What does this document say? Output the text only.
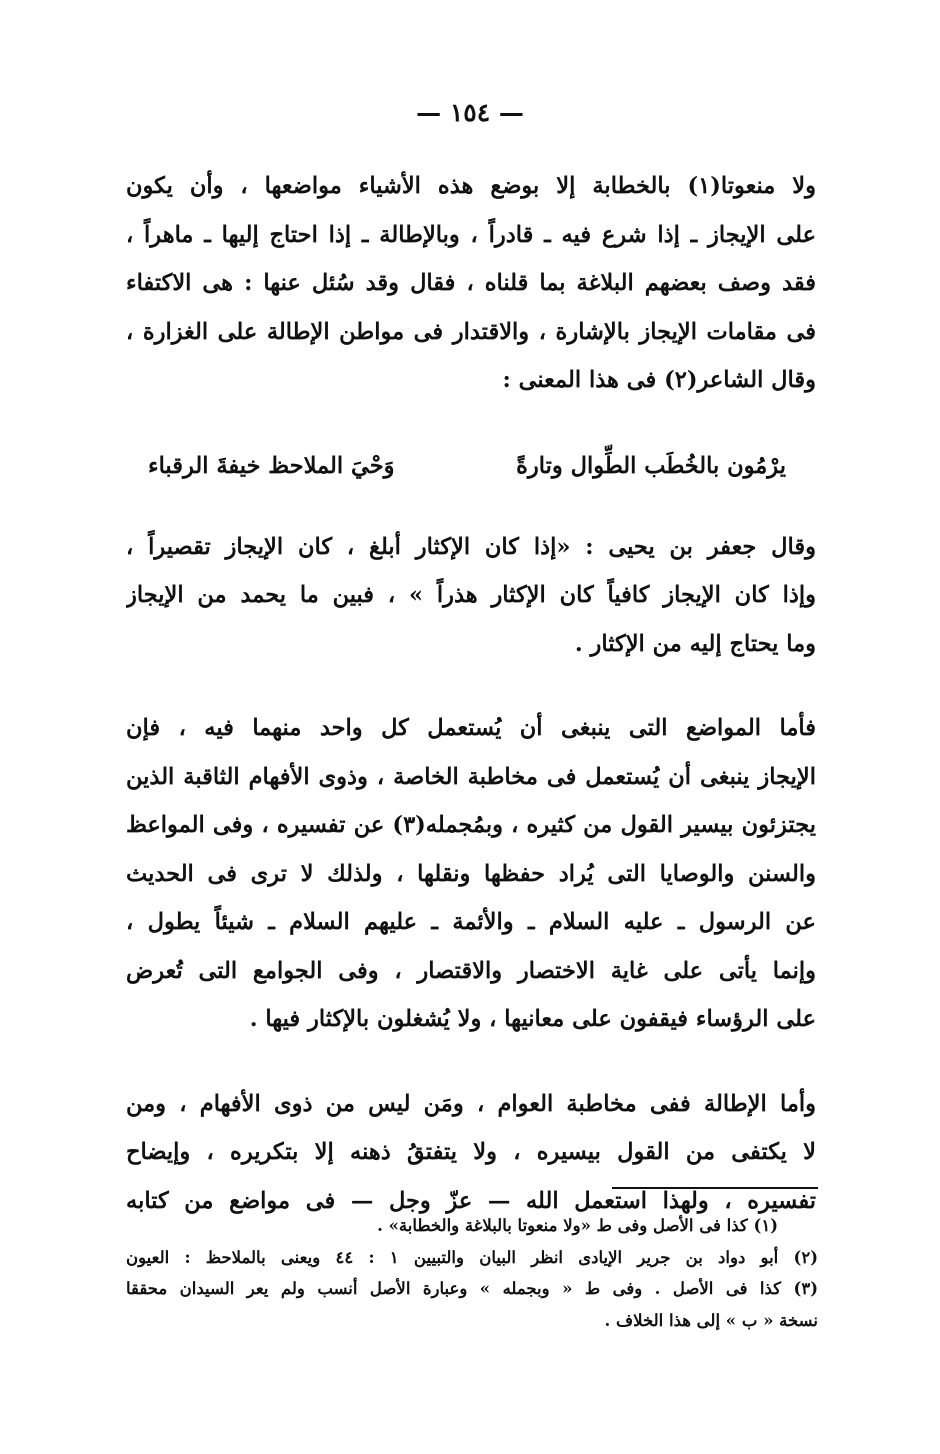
— ١٥٤ —
ولا منعوتا(١) بالخطابة إلا بوضع هذه الأشياء مواضعها ، وأن يكون
على الإيجاز ـ إذا شرع فيه ـ قادراً ، وبالإطالة ـ إذا احتاج إليها ـ ماهراً ،
فقد وصف بعضهم البلاغة بما قلناه ، فقال وقد سُئل عنها : هى الاكتفاء
فى مقامات الإيجاز بالإشارة ، والاقتدار فى مواطن الإطالة على الغزارة ،
وقال الشاعر(٢) فى هذا المعنى :
يرْمُون بالخُطَب الطِّوال وتارةً
وَحْيَ الملاحظ خيفةَ الرقباء
وقال جعفر بن يحيى : «إذا كان الإكثار أبلغ ، كان الإيجاز تقصيراً ،
وإذا كان الإيجاز كافياً كان الإكثار هذراً » ، فبين ما يحمد من الإيجاز
وما يحتاج إليه من الإكثار .
فأما المواضع التى ينبغى أن يُستعمل كل واحد منهما فيه ، فإن
الإيجاز ينبغى أن يُستعمل فى مخاطبة الخاصة ، وذوى الأفهام الثاقبة الذين
يجتزئون بيسير القول من كثيره ، وبمُجمله(٣) عن تفسيره ، وفى المواعظ
والسنن والوصايا التى يُراد حفظها ونقلها ، ولذلك لا ترى فى الحديث
عن الرسول ـ عليه السلام ـ والأئمة ـ عليهم السلام ـ شيئاً يطول ،
وإنما يأتى على غاية الاختصار والاقتصار ، وفى الجوامع التى تُعرض
على الرؤساء فيقفون على معانيها ، ولا يُشغلون بالإكثار فيها .
وأما الإطالة ففى مخاطبة العوام ، ومَن ليس من ذوى الأفهام ، ومن
لا يكتفى من القول بيسيره ، ولا يتفتقُ ذهنه إلا بتكريره ، وإيضاح
تفسيره ، ولهذا استعمل الله — عزّ وجل — فى مواضع من كتابه
(١) كذا فى الأصل وفى ط «ولا منعوتا بالبلاغة والخطابة» .
(٢) أبو دواد بن جرير الإيادى انظر البيان والتبيين ١ : ٤٤ ويعنى بالملاحظ : العيون
(٣) كذا فى الأصل . وفى ط « وبجمله » وعبارة الأصل أنسب ولم يعر السيدان محققا
نسخة « ب » إلى هذا الخلاف .
